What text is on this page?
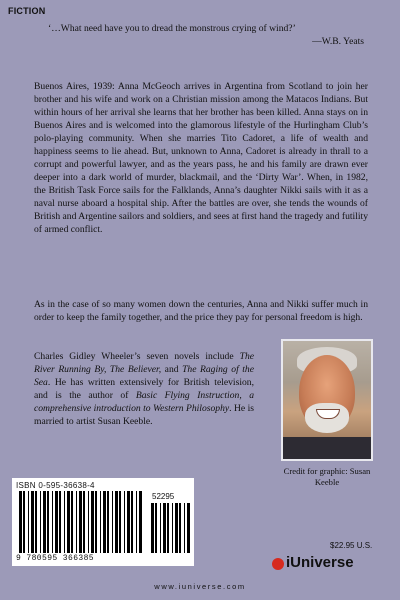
FICTION
‘…What need have you to dread the monstrous crying of wind?’
—W.B. Yeats

Buenos Aires, 1939: Anna McGeoch arrives in Argentina from Scotland to join her brother and his wife and work on a Christian mission among the Matacos Indians. But within hours of her arrival she learns that her brother has been killed. Anna stays on in Buenos Aires and is welcomed into the glamorous lifestyle of the Hurlingham Club’s polo-playing community. When she marries Tito Cadoret, a life of wealth and happiness seems to lie ahead. But, unknown to Anna, Cadoret is already in thrall to a corrupt and powerful lawyer, and as the years pass, he and his family are drawn ever deeper into a dark world of murder, blackmail, and the ‘Dirty War’. When, in 1982, the British Task Force sails for the Falklands, Anna’s daughter Nikki sails with it as a naval nurse aboard a hospital ship. After the battles are over, she tends the wounds of British and Argentine sailors and soldiers, and sees at first hand the tragedy and futility of armed conflict.

As in the case of so many women down the centuries, Anna and Nikki suffer much in order to keep the family together, and the price they pay for personal freedom is high.

Charles Gidley Wheeler’s seven novels include The River Running By, The Believer, and The Raging of the Sea. He has written extensively for British television, and is the author of Basic Flying Instruction, a comprehensive introduction to Western Philosophy. He is married to artist Susan Keeble.
Credit for graphic: Susan Keeble
ISBN 0-595-36638-4
52295
9 780595 366385
$22.95 U.S.
iUniverse
www.iuniverse.com
